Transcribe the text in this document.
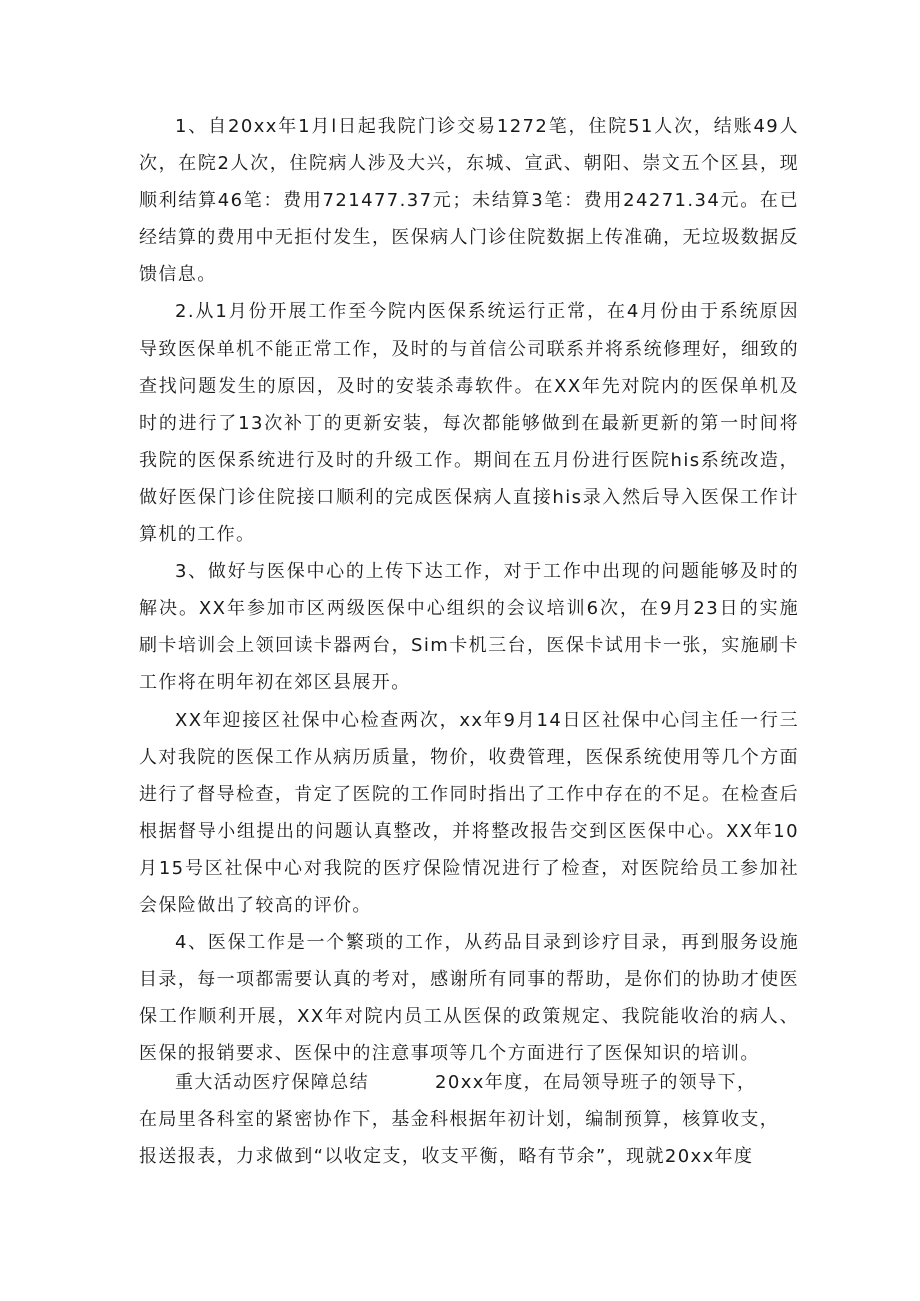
1、自20xx年1月l日起我院门诊交易1272笔，住院51人次，结账49人次，在院2人次，住院病人涉及大兴，东城、宣武、朝阳、崇文五个区县，现顺利结算46笔：费用721477.37元；未结算3笔：费用24271.34元。在已经结算的费用中无拒付发生，医保病人门诊住院数据上传准确，无垃圾数据反馈信息。

2.从1月份开展工作至今院内医保系统运行正常，在4月份由于系统原因导致医保单机不能正常工作，及时的与首信公司联系并将系统修理好，细致的查找问题发生的原因，及时的安装杀毒软件。在XX年先对院内的医保单机及时的进行了13次补丁的更新安装，每次都能够做到在最新更新的第一时间将我院的医保系统进行及时的升级工作。期间在五月份进行医院his系统改造，做好医保门诊住院接口顺利的完成医保病人直接his录入然后导入医保工作计算机的工作。

3、做好与医保中心的上传下达工作，对于工作中出现的问题能够及时的解决。XX年参加市区两级医保中心组织的会议培训6次，在9月23日的实施刷卡培训会上领回读卡器两台，Sim卡机三台，医保卡试用卡一张，实施刷卡工作将在明年初在郊区县展开。

XX年迎接区社保中心检查两次，xx年9月14日区社保中心闫主任一行三人对我院的医保工作从病历质量，物价，收费管理，医保系统使用等几个方面进行了督导检查，肯定了医院的工作同时指出了工作中存在的不足。在检查后根据督导小组提出的问题认真整改，并将整改报告交到区医保中心。XX年10月15号区社保中心对我院的医疗保险情况进行了检查，对医院给员工参加社会保险做出了较高的评价。

4、医保工作是一个繁琐的工作，从药品目录到诊疗目录，再到服务设施目录，每一项都需要认真的考对，感谢所有同事的帮助，是你们的协助才使医保工作顺利开展，XX年对院内员工从医保的政策规定、我院能收治的病人、医保的报销要求、医保中的注意事项等几个方面进行了医保知识的培训。

重大活动医疗保障总结	20xx年度，在局领导班子的领导下，
在局里各科室的紧密协作下，基金科根据年初计划，编制预算，核算收支，
报送报表，力求做到“以收定支，收支平衡，略有节余”，现就20xx年度
